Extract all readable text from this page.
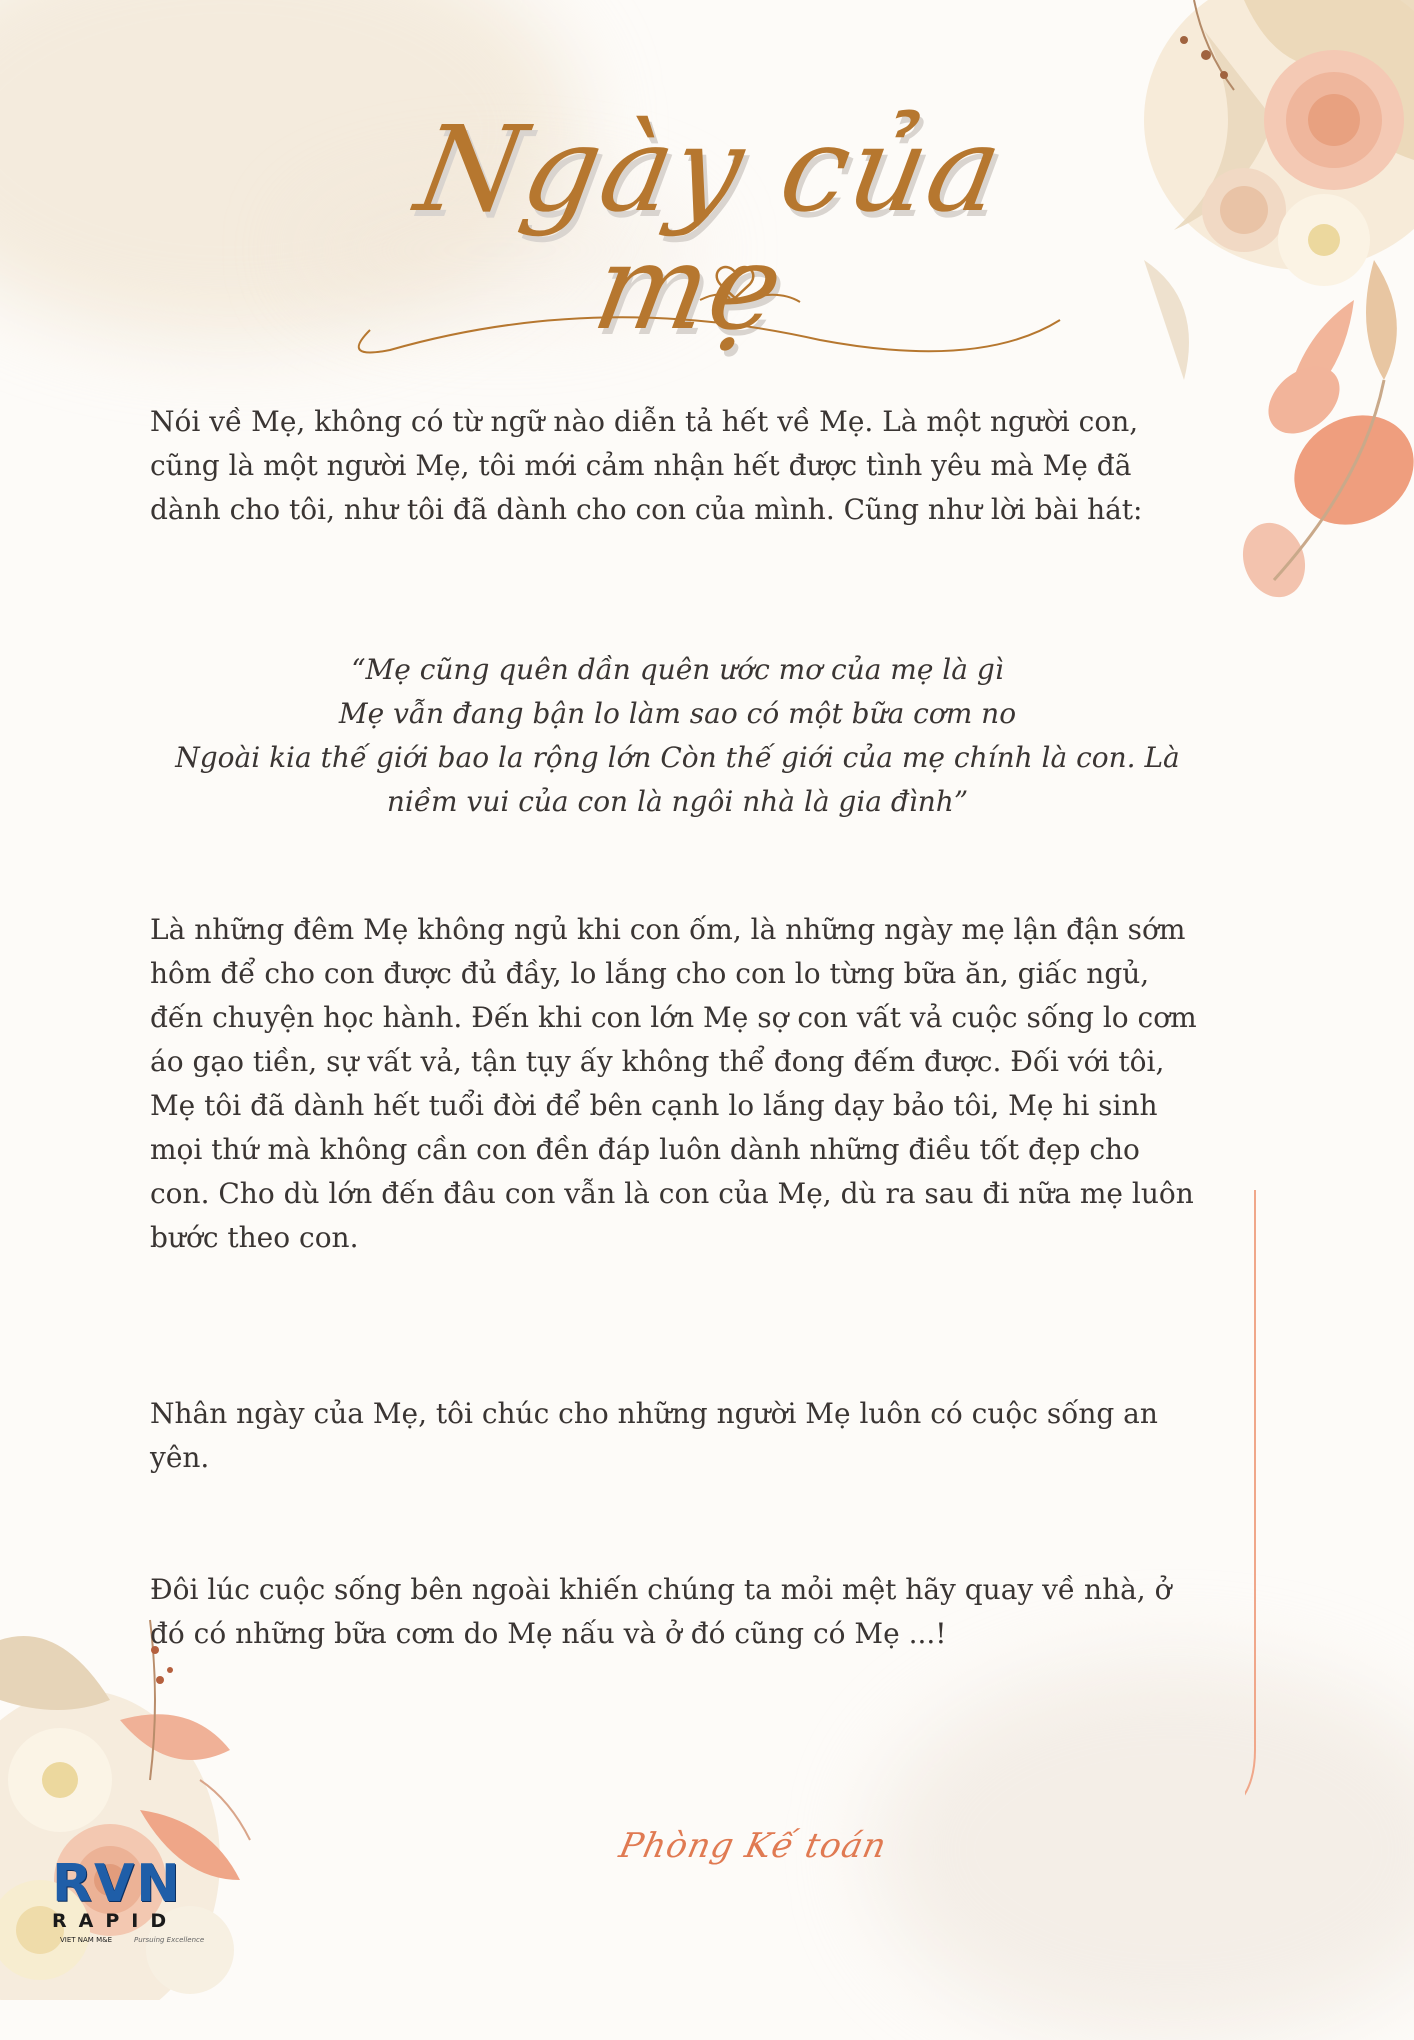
Ngày của mẹ

Nói về Mẹ, không có từ ngữ nào diễn tả hết về Mẹ. Là một người con, cũng là một người Mẹ, tôi mới cảm nhận hết được tình yêu mà Mẹ đã dành cho tôi, như tôi đã dành cho con của mình. Cũng như lời bài hát:

“Mẹ cũng quên dần quên ước mơ của mẹ là gì
Mẹ vẫn đang bận lo làm sao có một bữa cơm no
Ngoài kia thế giới bao la rộng lớn Còn thế giới của mẹ chính là con. Là niềm vui của con là ngôi nhà là gia đình”

Là những đêm Mẹ không ngủ khi con ốm, là những ngày mẹ lận đận sớm hôm để cho con được đủ đầy, lo lắng cho con lo từng bữa ăn, giấc ngủ, đến chuyện học hành. Đến khi con lớn Mẹ sợ con vất vả cuộc sống lo cơm áo gạo tiền, sự vất vả, tận tụy ấy không thể đong đếm được. Đối với tôi, Mẹ tôi đã dành hết tuổi đời để bên cạnh lo lắng dạy bảo tôi, Mẹ hi sinh mọi thứ mà không cần con đền đáp luôn dành những điều tốt đẹp cho con. Cho dù lớn đến đâu con vẫn là con của Mẹ, dù ra sau đi nữa mẹ luôn bước theo con.

Nhân ngày của Mẹ, tôi chúc cho những người Mẹ luôn có cuộc sống an yên.

Đôi lúc cuộc sống bên ngoài khiến chúng ta mỏi mệt hãy quay về nhà, ở đó có những bữa cơm do Mẹ nấu và ở đó cũng có Mẹ ...!

Phòng Kế toán
RVN
RAPID
VIET NAM M&E	Pursuing Excellence
